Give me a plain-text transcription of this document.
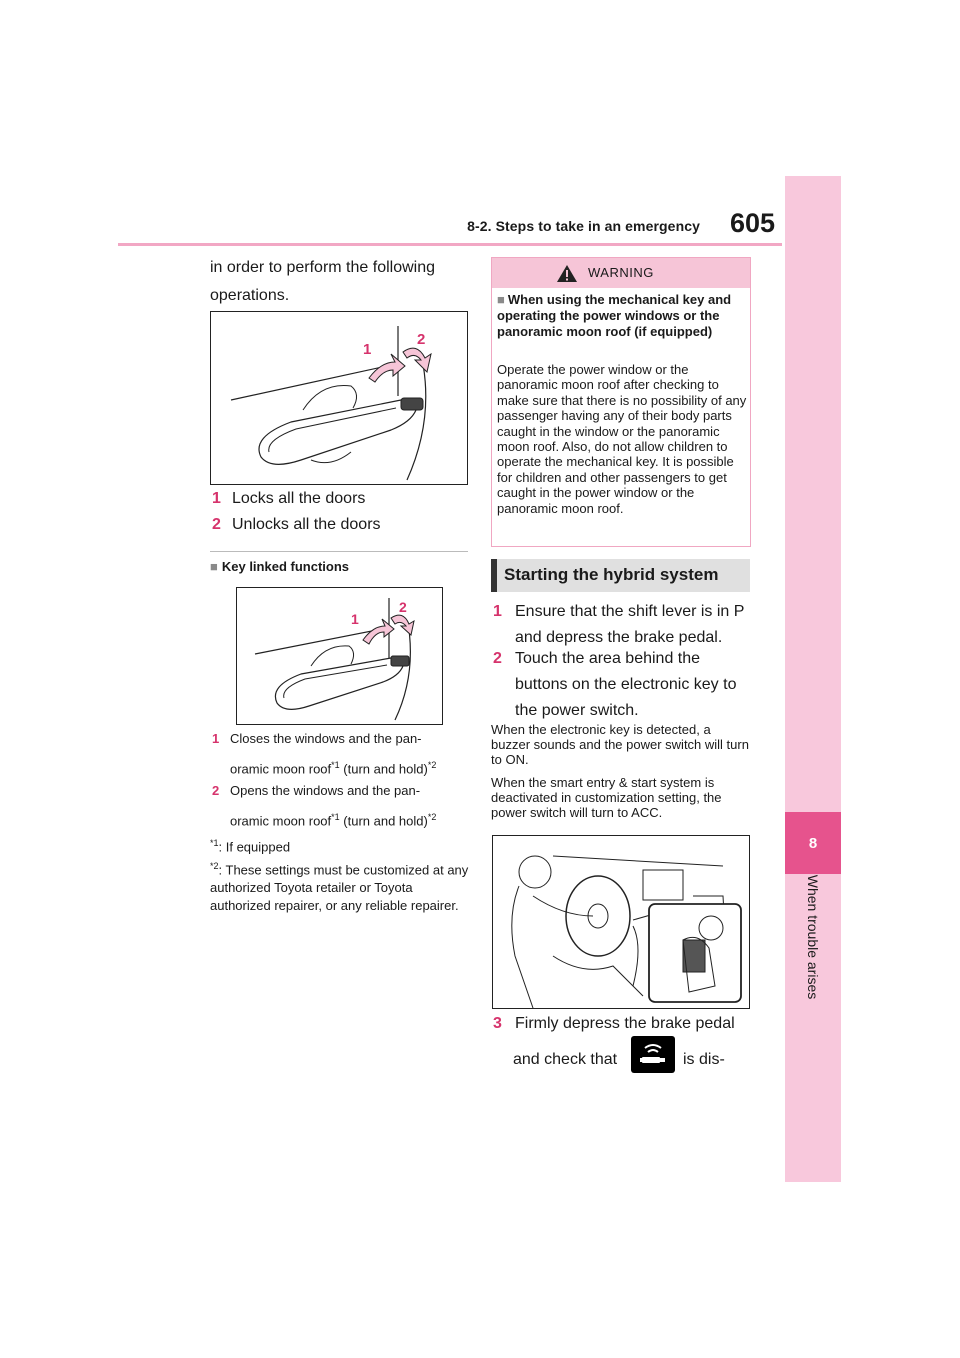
8-2. Steps to take in an emergency 605
8
When trouble arises
in order to perform the following operations.
1
2
1 Locks all the doors
2 Unlocks all the doors
■ Key linked functions
1
2
1 Closes the windows and the pan-
oramic moon roof$^{*1}$ (turn and hold)$^{*2}$
2 Opens the windows and the pan-
oramic moon roof$^{*1}$ (turn and hold)$^{*2}$
$^{*1}$: If equipped
$^{*2}$: These settings must be customized at any authorized Toyota retailer or Toyota authorized repairer, or any reliable repairer.
WARNING
■ When using the mechanical key and operating the power windows or the panoramic moon roof (if equipped)
Operate the power window or the panoramic moon roof after checking to make sure that there is no possibility of any passenger having any of their body parts caught in the window or the panoramic moon roof. Also, do not allow children to operate the mechanical key. It is possible for children and other passengers to get caught in the power window or the panoramic moon roof.
Starting the hybrid system
1 Ensure that the shift lever is in P and depress the brake pedal.
2 Touch the area behind the buttons on the electronic key to the power switch.
When the electronic key is detected, a buzzer sounds and the power switch will turn to ON.
When the smart entry & start system is deactivated in customization setting, the power switch will turn to ACC.
3 Firmly depress the brake pedal
and check that	is dis-
